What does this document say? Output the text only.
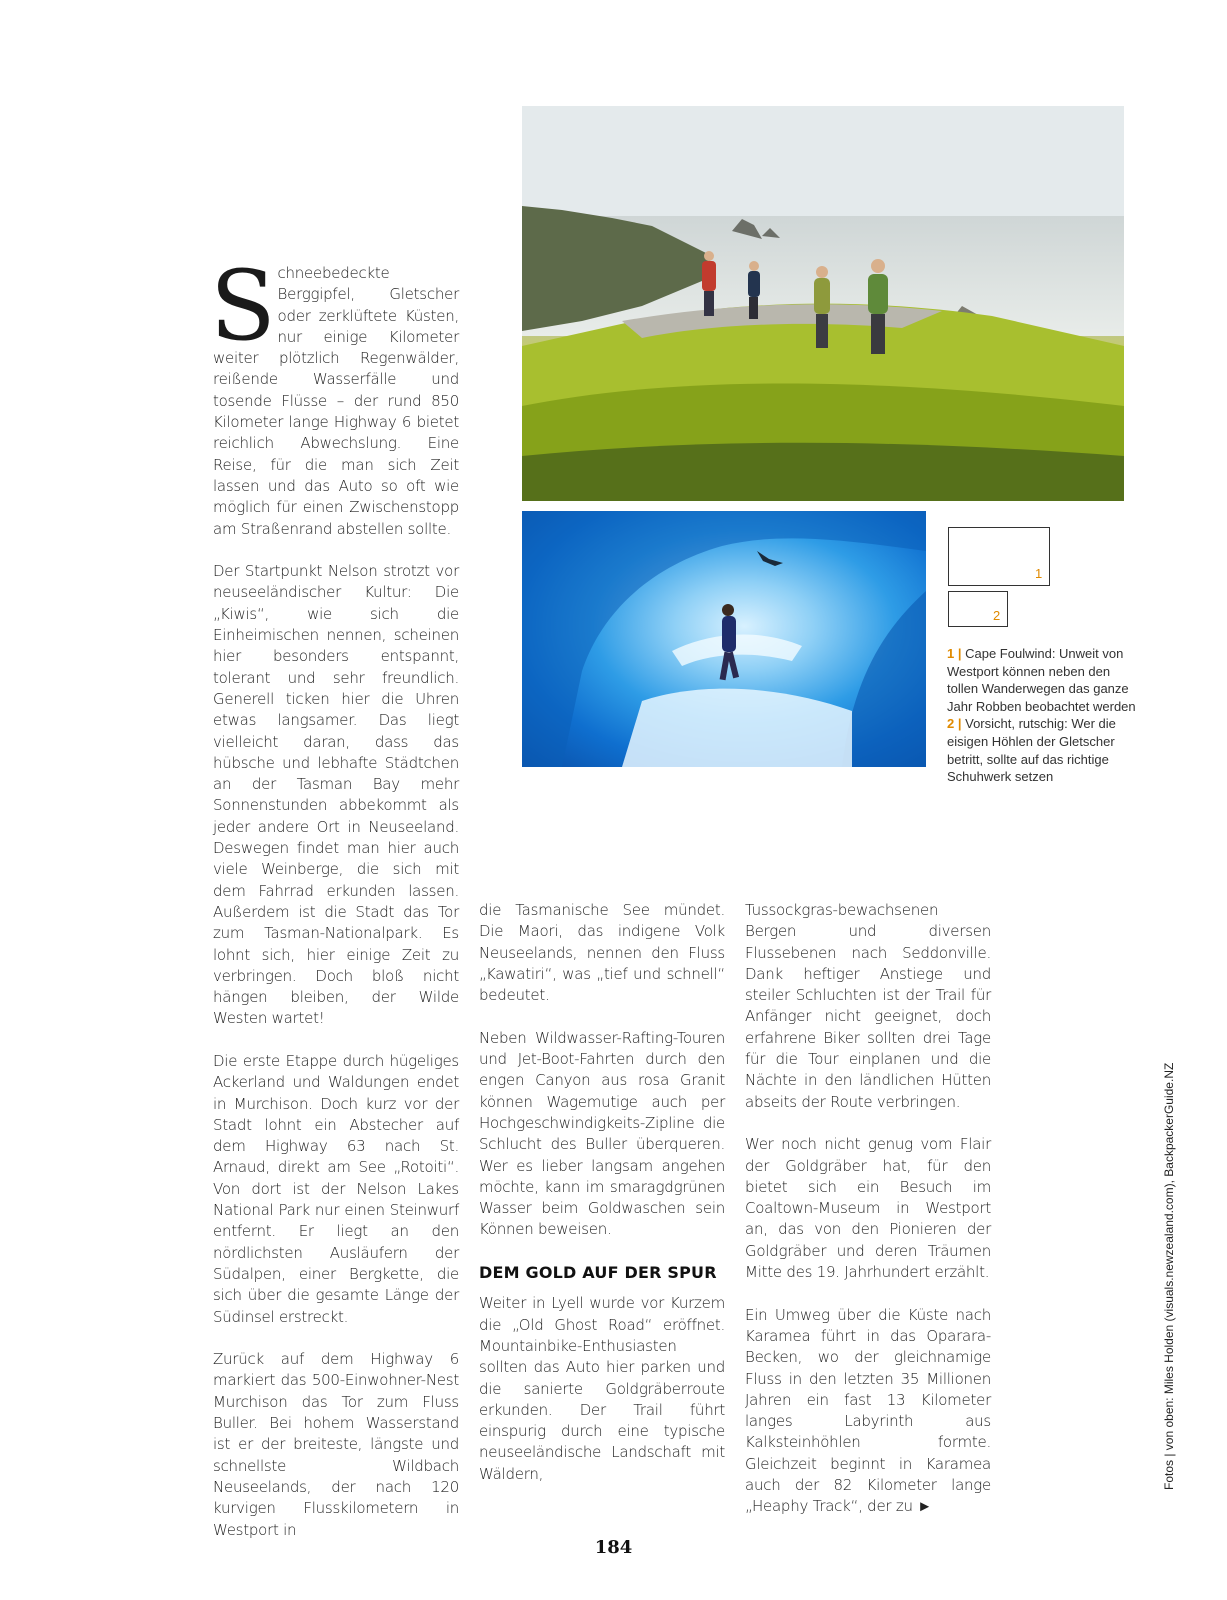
1
2
1 | Cape Foulwind: Unweit von Westport können neben den tollen Wanderwegen das ganze Jahr Robben beobachtet werden
2 | Vorsicht, rutschig: Wer die eisigen Höhlen der Gletscher betritt, sollte auf das richtige Schuhwerk setzen

Schneebedeckte Berggipfel, Gletscher oder zerklüftete Küsten, nur einige Kilometer weiter plötzlich Regenwälder, reißende Wasserfälle und tosende Flüsse – der rund 850 Kilometer lange Highway 6 bietet reichlich Abwechslung. Eine Reise, für die man sich Zeit lassen und das Auto so oft wie möglich für einen Zwischenstopp am Straßenrand abstellen sollte.

Der Startpunkt Nelson strotzt vor neuseeländischer Kultur: Die „Kiwis“, wie sich die Einheimischen nennen, scheinen hier besonders entspannt, tolerant und sehr freundlich. Generell ticken hier die Uhren etwas langsamer. Das liegt vielleicht daran, dass das hübsche und lebhafte Städtchen an der Tasman Bay mehr Sonnenstunden abbekommt als jeder andere Ort in Neuseeland. Deswegen findet man hier auch viele Weinberge, die sich mit dem Fahrrad erkunden lassen. Außerdem ist die Stadt das Tor zum Tasman-Nationalpark. Es lohnt sich, hier einige Zeit zu verbringen. Doch bloß nicht hängen bleiben, der Wilde Westen wartet!

Die erste Etappe durch hügeliges Ackerland und Waldungen endet in Murchison. Doch kurz vor der Stadt lohnt ein Abstecher auf dem Highway 63 nach St. Arnaud, direkt am See „Rotoiti“. Von dort ist der Nelson Lakes National Park nur einen Steinwurf entfernt. Er liegt an den nördlichsten Ausläufern der Südalpen, einer Bergkette, die sich über die gesamte Länge der Südinsel erstreckt.

Zurück auf dem Highway 6 markiert das 500-Einwohner-Nest Murchison das Tor zum Fluss Buller. Bei hohem Wasserstand ist er der breiteste, längste und schnellste Wildbach Neuseelands, der nach 120 kurvigen Flusskilometern in Westport in

die Tasmanische See mündet. Die Maori, das indigene Volk Neuseelands, nennen den Fluss „Kawatiri“, was „tief und schnell“ bedeutet.

Neben Wildwasser-Rafting-Touren und Jet-Boot-Fahrten durch den engen Canyon aus rosa Granit können Wagemutige auch per Hochgeschwindigkeits-Zipline die Schlucht des Buller überqueren. Wer es lieber langsam angehen möchte, kann im smaragdgrünen Wasser beim Goldwaschen sein Können beweisen.

DEM GOLD AUF DER SPUR

Weiter in Lyell wurde vor Kurzem die „Old Ghost Road“ eröffnet. Mountainbike-Enthusiasten sollten das Auto hier parken und die sanierte Goldgräberroute erkunden. Der Trail führt einspurig durch eine typische neuseeländische Landschaft mit Wäldern,

Tussockgras-bewachsenen Bergen und diversen Flussebenen nach Seddonville. Dank heftiger Anstiege und steiler Schluchten ist der Trail für Anfänger nicht geeignet, doch erfahrene Biker sollten drei Tage für die Tour einplanen und die Nächte in den ländlichen Hütten abseits der Route verbringen.

Wer noch nicht genug vom Flair der Goldgräber hat, für den bietet sich ein Besuch im Coaltown-Museum in Westport an, das von den Pionieren der Goldgräber und deren Träumen Mitte des 19. Jahrhundert erzählt.

Ein Umweg über die Küste nach Karamea führt in das Oparara-Becken, wo der gleichnamige Fluss in den letzten 35 Millionen Jahren ein fast 13 Kilometer langes Labyrinth aus Kalksteinhöhlen formte. Gleichzeit beginnt in Karamea auch der 82 Kilometer lange „Heaphy Track“, der zu ►

Fotos | von oben: Miles Holden (visuals.newzealand.com), BackpackerGuide.NZ
184
